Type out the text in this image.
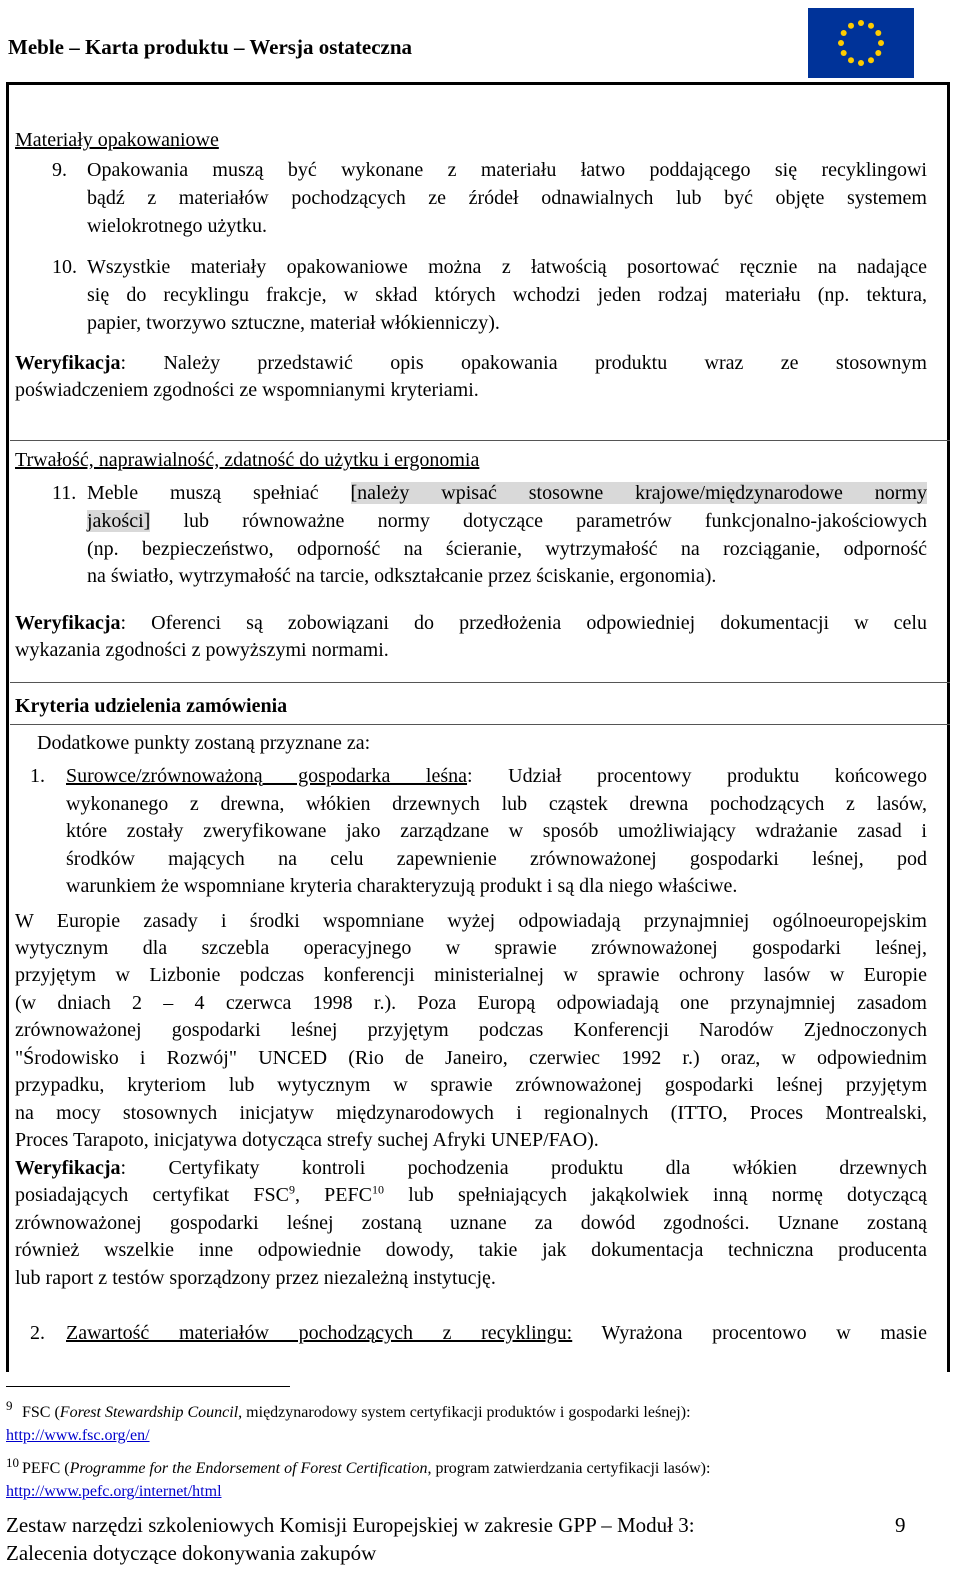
Meble – Karta produktu – Wersja ostateczna
Materiały opakowaniowe
9. Opakowania muszą być wykonane z materiału łatwo poddającego się recyklingowi
bądź z materiałów pochodzących ze źródeł odnawialnych lub być objęte systemem
wielokrotnego użytku.
10. Wszystkie materiały opakowaniowe można z łatwością posortować ręcznie na nadające
się do recyklingu frakcje, w skład których wchodzi jeden rodzaj materiału (np. tektura,
papier, tworzywo sztuczne, materiał włókienniczy).
Weryfikacja: Należy przedstawić opis opakowania produktu wraz ze stosownym
poświadczeniem zgodności ze wspomnianymi kryteriami.
Trwałość, naprawialność, zdatność do użytku i ergonomia
11. Meble muszą spełniać [należy wpisać stosowne krajowe/międzynarodowe normy
jakości] lub równoważne normy dotyczące parametrów funkcjonalno-jakościowych
(np. bezpieczeństwo, odporność na ścieranie, wytrzymałość na rozciąganie, odporność
na światło, wytrzymałość na tarcie, odkształcanie przez ściskanie, ergonomia).
Weryfikacja: Oferenci są zobowiązani do przedłożenia odpowiedniej dokumentacji w celu
wykazania zgodności z powyższymi normami.
Kryteria udzielenia zamówienia
Dodatkowe punkty zostaną przyznane za:
1. Surowce/zrównoważoną gospodarka leśna: Udział procentowy produktu końcowego
wykonanego z drewna, włókien drzewnych lub cząstek drewna pochodzących z lasów,
które zostały zweryfikowane jako zarządzane w sposób umożliwiający wdrażanie zasad i
środków mających na celu zapewnienie zrównoważonej gospodarki leśnej, pod
warunkiem że wspomniane kryteria charakteryzują produkt i są dla niego właściwe.
W Europie zasady i środki wspomniane wyżej odpowiadają przynajmniej ogólnoeuropejskim
wytycznym dla szczebla operacyjnego w sprawie zrównoważonej gospodarki leśnej,
przyjętym w Lizbonie podczas konferencji ministerialnej w sprawie ochrony lasów w Europie
(w dniach 2 – 4 czerwca 1998 r.). Poza Europą odpowiadają one przynajmniej zasadom
zrównoważonej gospodarki leśnej przyjętym podczas Konferencji Narodów Zjednoczonych
"Środowisko i Rozwój" UNCED (Rio de Janeiro, czerwiec 1992 r.) oraz, w odpowiednim
przypadku, kryteriom lub wytycznym w sprawie zrównoważonej gospodarki leśnej przyjętym
na mocy stosownych inicjatyw międzynarodowych i regionalnych (ITTO, Proces Montrealski,
Proces Tarapoto, inicjatywa dotycząca strefy suchej Afryki UNEP/FAO).
Weryfikacja: Certyfikaty kontroli pochodzenia produktu dla włókien drzewnych
posiadających certyfikat FSC$^9$, PEFC$^{10}$ lub spełniających jakąkolwiek inną normę dotyczącą
zrównoważonej gospodarki leśnej zostaną uznane za dowód zgodności. Uznane zostaną
również wszelkie inne odpowiednie dowody, takie jak dokumentacja techniczna producenta
lub raport z testów sporządzony przez niezależną instytucję.
2. Zawartość materiałów pochodzących z recyklingu: Wyrażona procentowo w masie
9 FSC (Forest Stewardship Council, międzynarodowy system certyfikacji produktów i gospodarki leśnej):
http://www.fsc.org/en/
10 PEFC (Programme for the Endorsement of Forest Certification, program zatwierdzania certyfikacji lasów):
http://www.pefc.org/internet/html
Zestaw narzędzi szkoleniowych Komisji Europejskiej w zakresie GPP – Moduł 3:
Zalecenia dotyczące dokonywania zakupów
9
